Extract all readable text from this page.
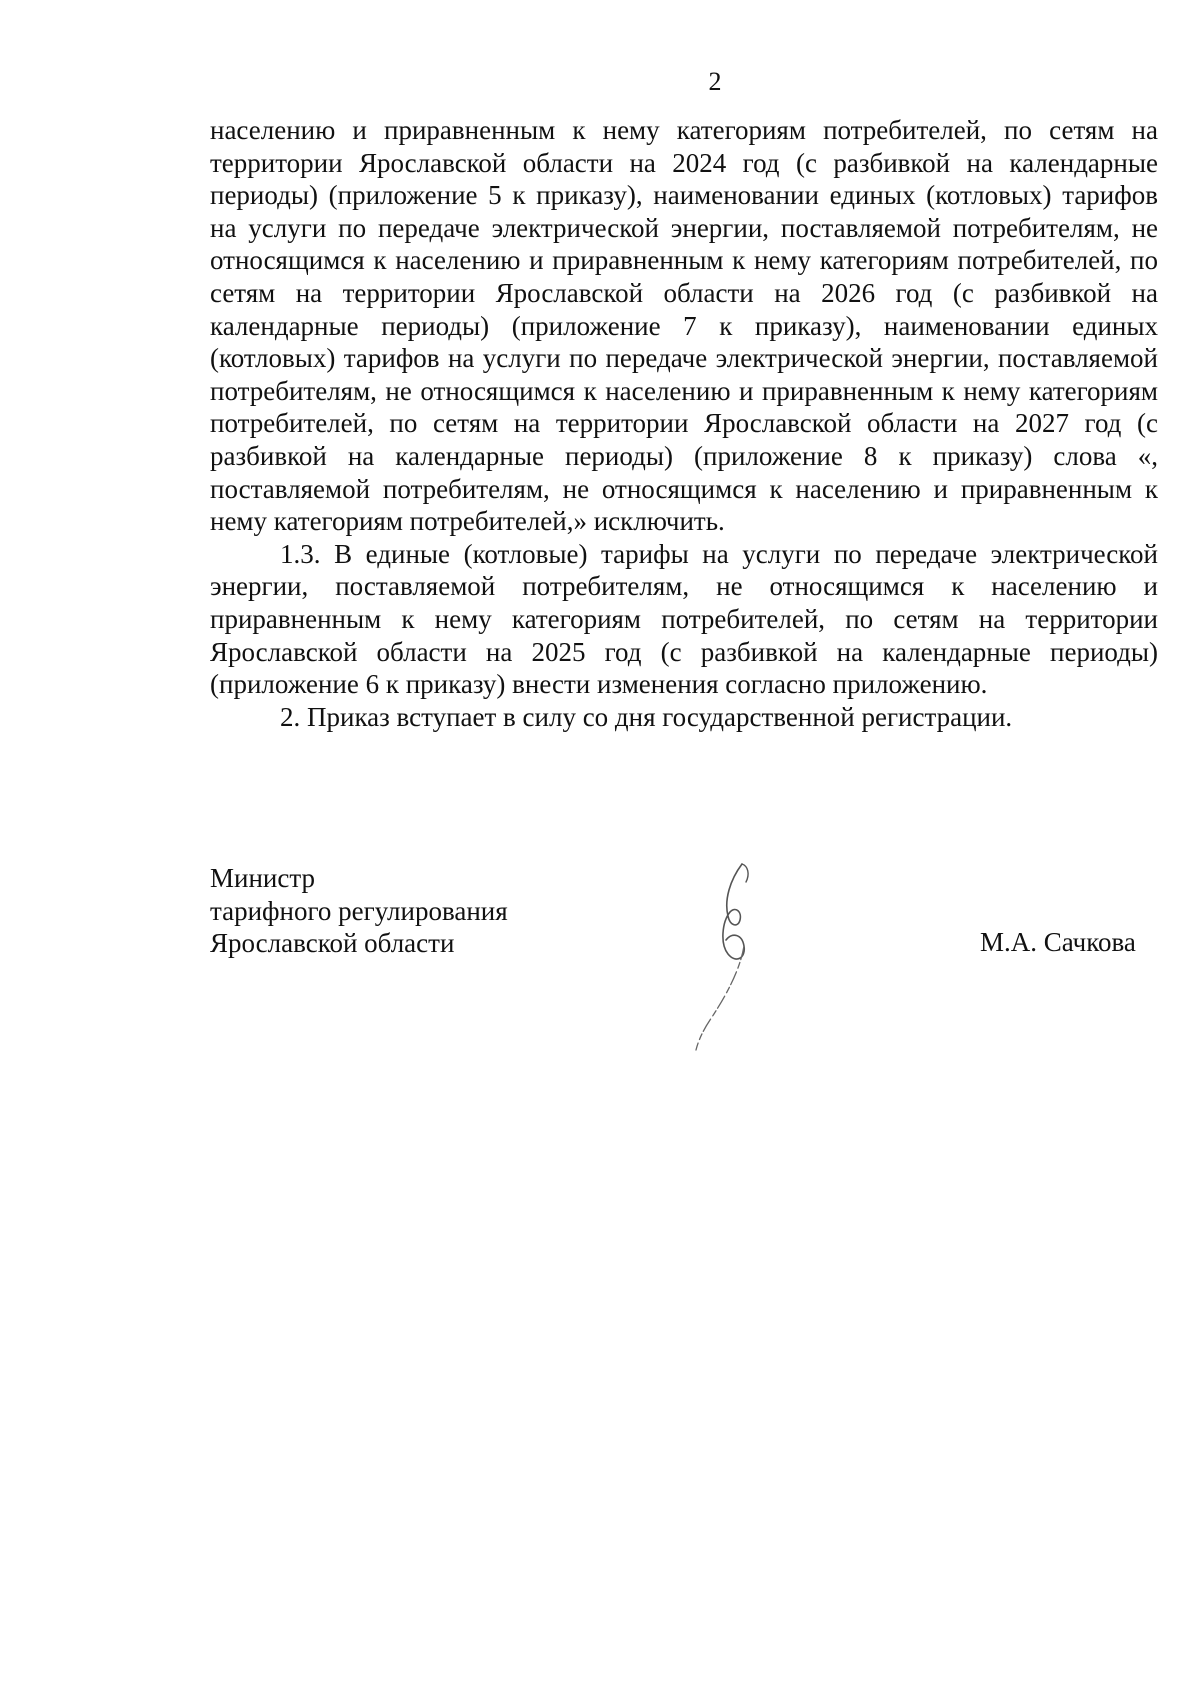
2

населению и приравненным к нему категориям потребителей, по сетям на территории Ярославской области на 2024 год (с разбивкой на календарные периоды) (приложение 5 к приказу), наименовании единых (котловых) тарифов на услуги по передаче электрической энергии, поставляемой потребителям, не относящимся к населению и приравненным к нему категориям потребителей, по сетям на территории Ярославской области на 2026 год (с разбивкой на календарные периоды) (приложение 7 к приказу), наименовании единых (котловых) тарифов на услуги по передаче электрической энергии, поставляемой потребителям, не относящимся к населению и приравненным к нему категориям потребителей, по сетям на территории Ярославской области на 2027 год (с разбивкой на календарные периоды) (приложение 8 к приказу) слова «, поставляемой потребителям, не относящимся к населению и приравненным к нему категориям потребителей,» исключить.

1.3. В единые (котловые) тарифы на услуги по передаче электрической энергии, поставляемой потребителям, не относящимся к населению и приравненным к нему категориям потребителей, по сетям на территории Ярославской области на 2025 год (с разбивкой на календарные периоды) (приложение 6 к приказу) внести изменения согласно приложению.

2. Приказ вступает в силу со дня государственной регистрации.

Министр
тарифного регулирования
Ярославской области	М.А. Сачкова
